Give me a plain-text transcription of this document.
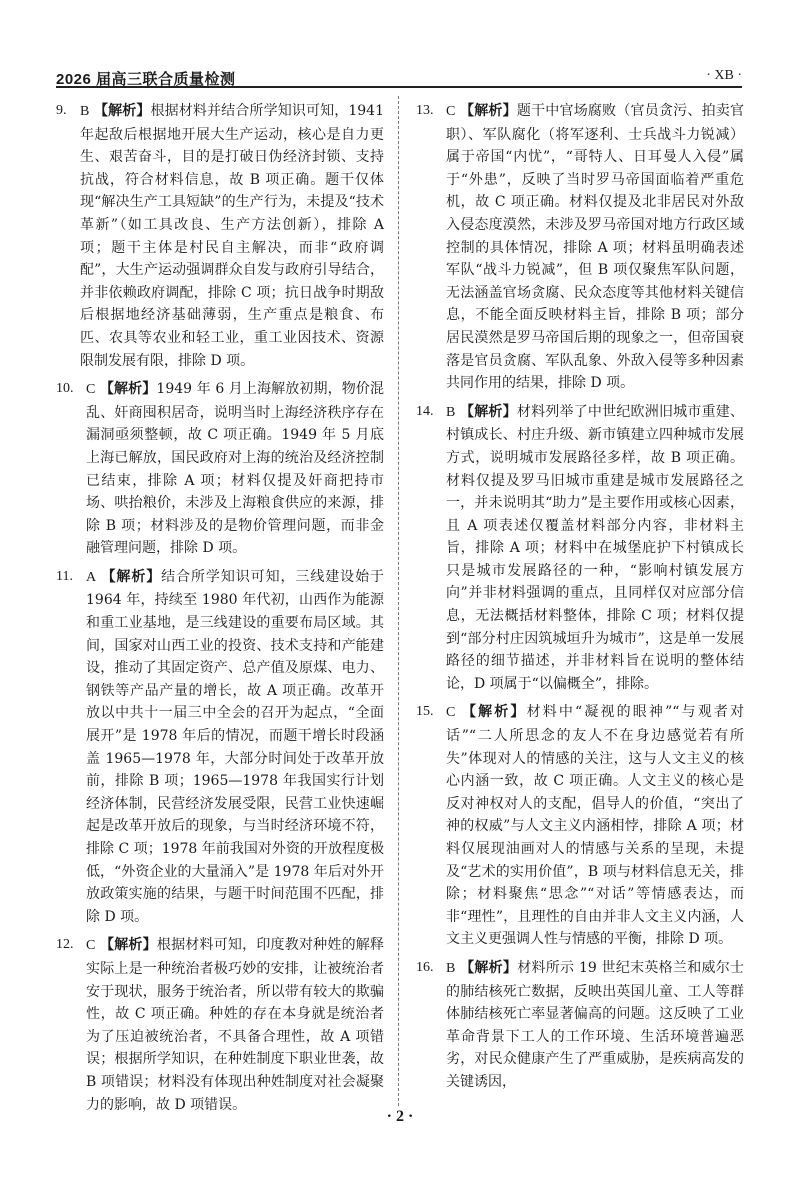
2026 届高三联合质量检测	· XB ·
9. B 【解析】根据材料并结合所学知识可知，1941 年起敌后根据地开展大生产运动，核心是自力更生、艰苦奋斗，目的是打破日伪经济封锁、支持抗战，符合材料信息，故 B 项正确。题干仅体现“解决生产工具短缺”的生产行为，未提及“技术革新”（如工具改良、生产方法创新），排除 A 项；题干主体是村民自主解决，而非“政府调配”，大生产运动强调群众自发与政府引导结合，并非依赖政府调配，排除 C 项；抗日战争时期敌后根据地经济基础薄弱，生产重点是粮食、布匹、农具等农业和轻工业，重工业因技术、资源限制发展有限，排除 D 项。
10. C 【解析】1949 年 6 月上海解放初期，物价混乱、奸商囤积居奇，说明当时上海经济秩序存在漏洞亟须整顿，故 C 项正确。1949 年 5 月底上海已解放，国民政府对上海的统治及经济控制已结束，排除 A 项；材料仅提及奸商把持市场、哄抬粮价，未涉及上海粮食供应的来源，排除 B 项；材料涉及的是物价管理问题，而非金融管理问题，排除 D 项。
11. A 【解析】结合所学知识可知，三线建设始于 1964 年，持续至 1980 年代初，山西作为能源和重工业基地，是三线建设的重要布局区域。其间，国家对山西工业的投资、技术支持和产能建设，推动了其固定资产、总产值及原煤、电力、钢铁等产品产量的增长，故 A 项正确。改革开放以中共十一届三中全会的召开为起点，“全面展开”是 1978 年后的情况，而题干增长时段涵盖 1965—1978 年，大部分时间处于改革开放前，排除 B 项；1965—1978 年我国实行计划经济体制，民营经济发展受限，民营工业快速崛起是改革开放后的现象，与当时经济环境不符，排除 C 项；1978 年前我国对外资的开放程度极低，“外资企业的大量涌入”是 1978 年后对外开放政策实施的结果，与题干时间范围不匹配，排除 D 项。
12. C 【解析】根据材料可知，印度教对种姓的解释实际上是一种统治者极巧妙的安排，让被统治者安于现状，服务于统治者，所以带有较大的欺骗性，故 C 项正确。种姓的存在本身就是统治者为了压迫被统治者，不具备合理性，故 A 项错误；根据所学知识，在种姓制度下职业世袭，故 B 项错误；材料没有体现出种姓制度对社会凝聚力的影响，故 D 项错误。
13. C 【解析】题干中官场腐败（官员贪污、拍卖官职）、军队腐化（将军逐利、士兵战斗力锐减）属于帝国“内忧”，“哥特人、日耳曼人入侵”属于“外患”，反映了当时罗马帝国面临着严重危机，故 C 项正确。材料仅提及北非居民对外敌入侵态度漠然，未涉及罗马帝国对地方行政区域控制的具体情况，排除 A 项；材料虽明确表述军队“战斗力锐减”，但 B 项仅聚焦军队问题，无法涵盖官场贪腐、民众态度等其他材料关键信息，不能全面反映材料主旨，排除 B 项；部分居民漠然是罗马帝国后期的现象之一，但帝国衰落是官员贪腐、军队乱象、外敌入侵等多种因素共同作用的结果，排除 D 项。
14. B 【解析】材料列举了中世纪欧洲旧城市重建、村镇成长、村庄升级、新市镇建立四种城市发展方式，说明城市发展路径多样，故 B 项正确。材料仅提及罗马旧城市重建是城市发展路径之一，并未说明其“助力”是主要作用或核心因素，且 A 项表述仅覆盖材料部分内容，非材料主旨，排除 A 项；材料中在城堡庇护下村镇成长只是城市发展路径的一种，“影响村镇发展方向”并非材料强调的重点，且同样仅对应部分信息，无法概括材料整体，排除 C 项；材料仅提到“部分村庄因筑城垣升为城市”，这是单一发展路径的细节描述，并非材料旨在说明的整体结论，D 项属于“以偏概全”，排除。
15. C 【解析】材料中“凝视的眼神”“与观者对话”“二人所思念的友人不在身边感觉若有所失”体现对人的情感的关注，这与人文主义的核心内涵一致，故 C 项正确。人文主义的核心是反对神权对人的支配，倡导人的价值，“突出了神的权威”与人文主义内涵相悖，排除 A 项；材料仅展现油画对人的情感与关系的呈现，未提及“艺术的实用价值”，B 项与材料信息无关，排除；材料聚焦“思念”“对话”等情感表达，而非“理性”，且理性的自由并非人文主义内涵，人文主义更强调人性与情感的平衡，排除 D 项。
16. B 【解析】材料所示 19 世纪末英格兰和威尔士的肺结核死亡数据，反映出英国儿童、工人等群体肺结核死亡率显著偏高的问题。这反映了工业革命背景下工人的工作环境、生活环境普遍恶劣，对民众健康产生了严重威胁，是疾病高发的关键诱因，
· 2 ·
